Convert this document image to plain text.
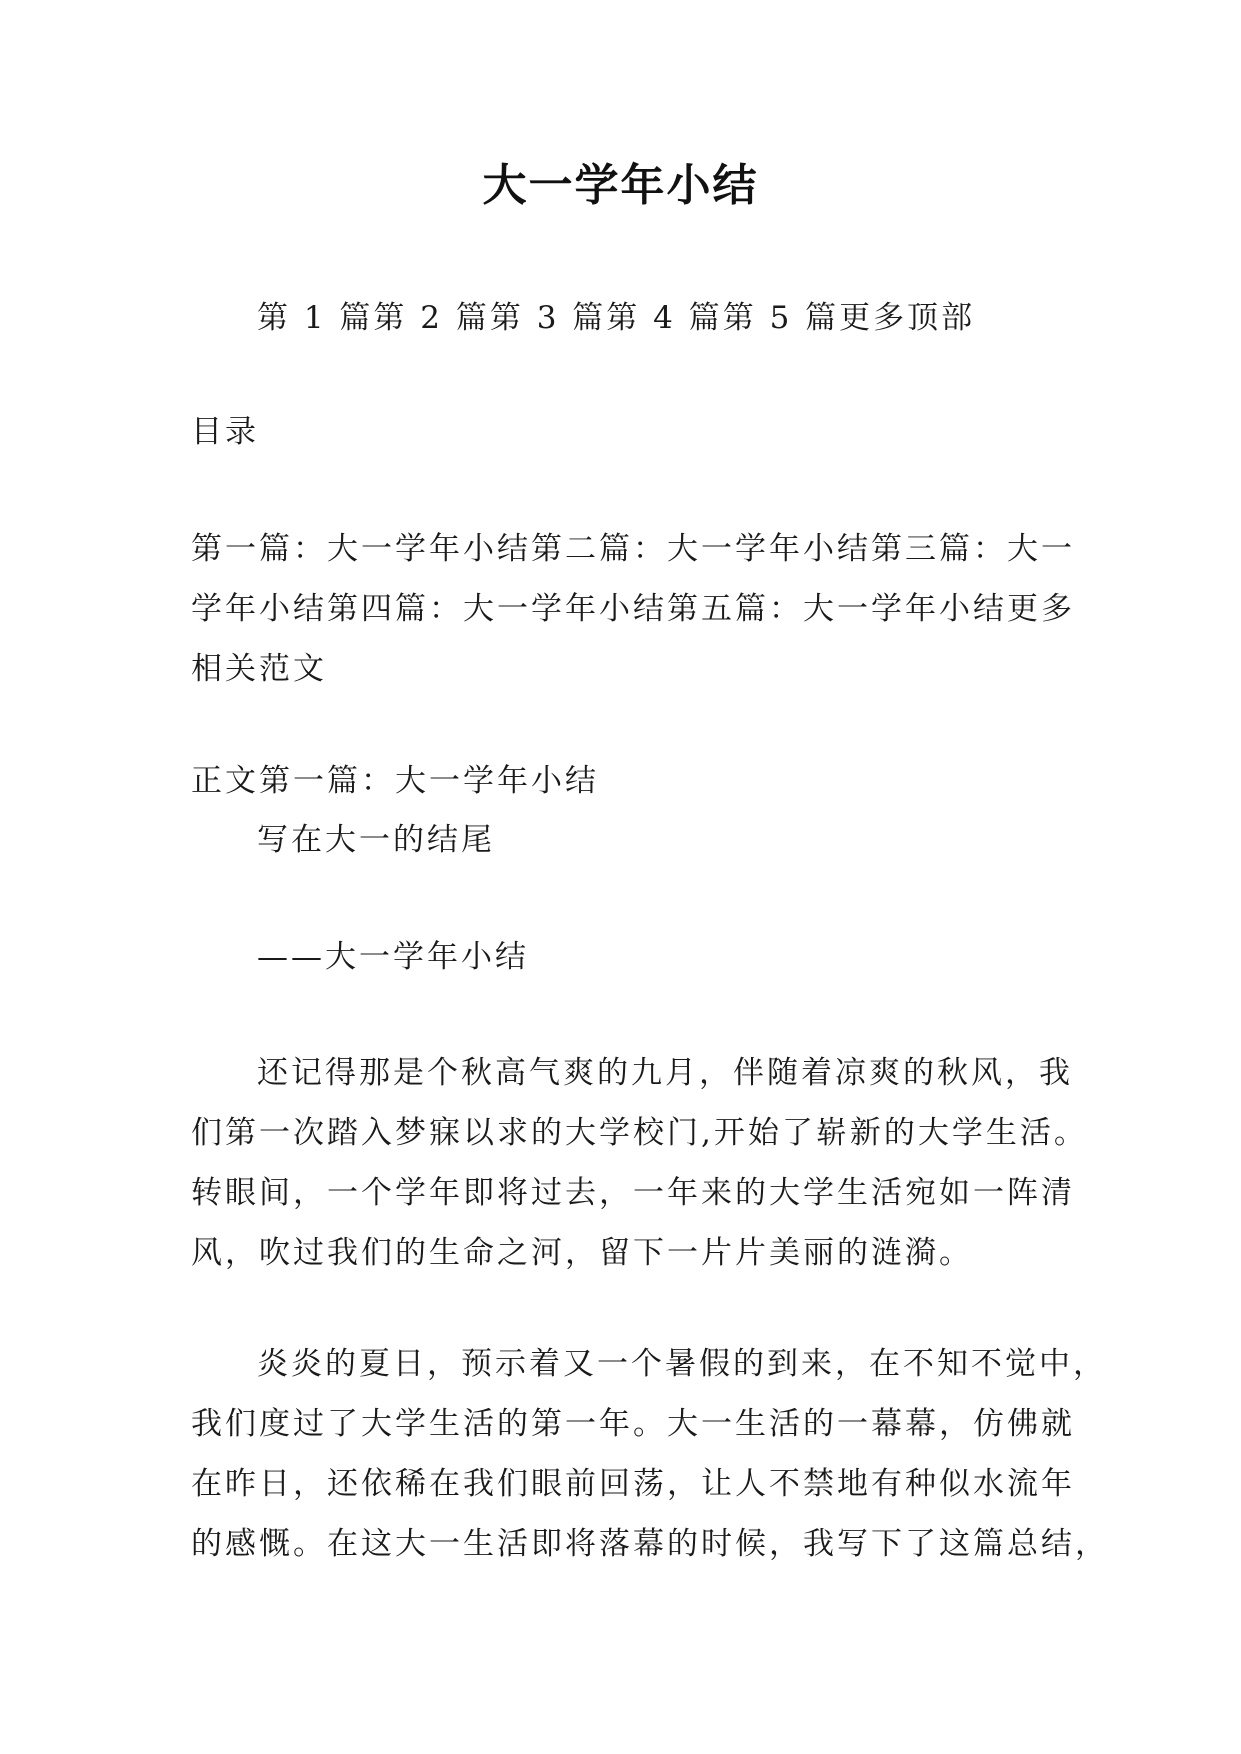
大一学年小结
第 1 篇第 2 篇第 3 篇第 4 篇第 5 篇更多顶部
目录
第一篇：大一学年小结第二篇：大一学年小结第三篇：大一
学年小结第四篇：大一学年小结第五篇：大一学年小结更多
相关范文
正文第一篇：大一学年小结
写在大一的结尾
——大一学年小结
还记得那是个秋高气爽的九月，伴随着凉爽的秋风，我
们第一次踏入梦寐以求的大学校门,开始了崭新的大学生活。
转眼间，一个学年即将过去，一年来的大学生活宛如一阵清
风，吹过我们的生命之河，留下一片片美丽的涟漪。
炎炎的夏日，预示着又一个暑假的到来，在不知不觉中，
我们度过了大学生活的第一年。大一生活的一幕幕，仿佛就
在昨日，还依稀在我们眼前回荡，让人不禁地有种似水流年
的感慨。在这大一生活即将落幕的时候，我写下了这篇总结，
